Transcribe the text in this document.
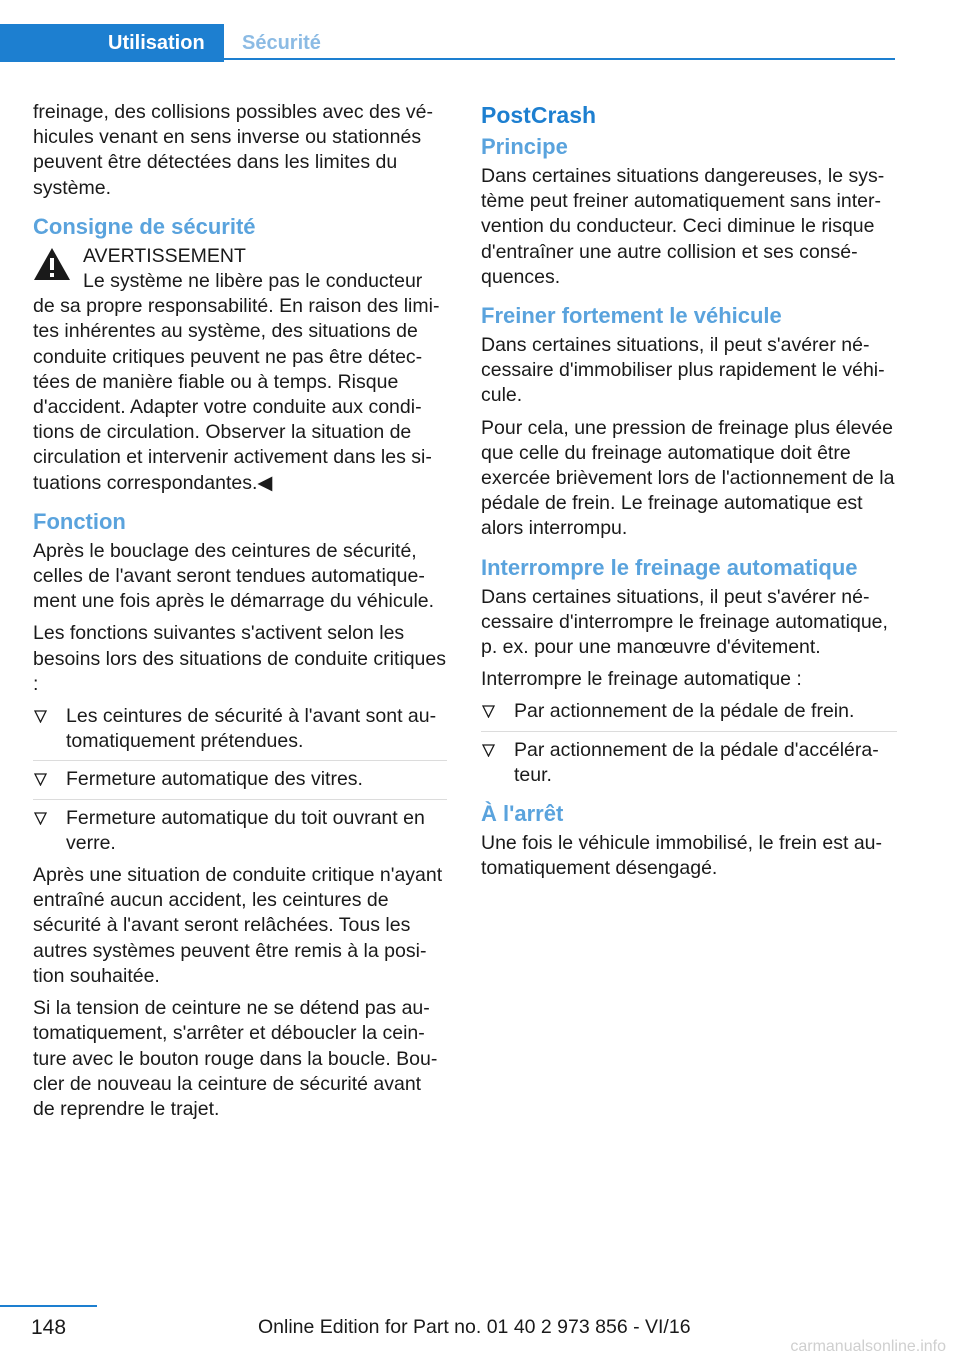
Utilisation	Sécurité

freinage, des collisions possibles avec des véhicules venant en sens inverse ou stationnés peuvent être détectées dans les limites du système.

Consigne de sécurité
AVERTISSEMENT
Le système ne libère pas le conducteur
de sa propre responsabilité. En raison des limites inhérentes au système, des situations de conduite critiques peuvent ne pas être détectées de manière fiable ou à temps. Risque d'accident. Adapter votre conduite aux conditions de circulation. Observer la situation de circulation et intervenir activement dans les situations correspondantes.◀
Fonction

Après le bouclage des ceintures de sécurité, celles de l'avant seront tendues automatiquement une fois après le démarrage du véhicule.

Les fonctions suivantes s'activent selon les besoins lors des situations de conduite critiques :

Les ceintures de sécurité à l'avant sont automatiquement prétendues.
Fermeture automatique des vitres.
Fermeture automatique du toit ouvrant en verre.

Après une situation de conduite critique n'ayant entraîné aucun accident, les ceintures de sécurité à l'avant seront relâchées. Tous les autres systèmes peuvent être remis à la position souhaitée.

Si la tension de ceinture ne se détend pas automatiquement, s'arrêter et déboucler la ceinture avec le bouton rouge dans la boucle. Boucler de nouveau la ceinture de sécurité avant de reprendre le trajet.

PostCrash
Principe

Dans certaines situations dangereuses, le système peut freiner automatiquement sans intervention du conducteur. Ceci diminue le risque d'entraîner une autre collision et ses conséquences.

Freiner fortement le véhicule

Dans certaines situations, il peut s'avérer nécessaire d'immobiliser plus rapidement le véhicule.

Pour cela, une pression de freinage plus élevée que celle du freinage automatique doit être exercée brièvement lors de l'actionnement de la pédale de frein. Le freinage automatique est alors interrompu.

Interrompre le freinage automatique

Dans certaines situations, il peut s'avérer nécessaire d'interrompre le freinage automatique, p. ex. pour une manœuvre d'évitement.

Interrompre le freinage automatique :

Par actionnement de la pédale de frein.
Par actionnement de la pédale d'accélérateur.
À l'arrêt

Une fois le véhicule immobilisé, le frein est automatiquement désengagé.

148	Online Edition for Part no. 01 40 2 973 856 - VI/16
carmanualsonline.info
